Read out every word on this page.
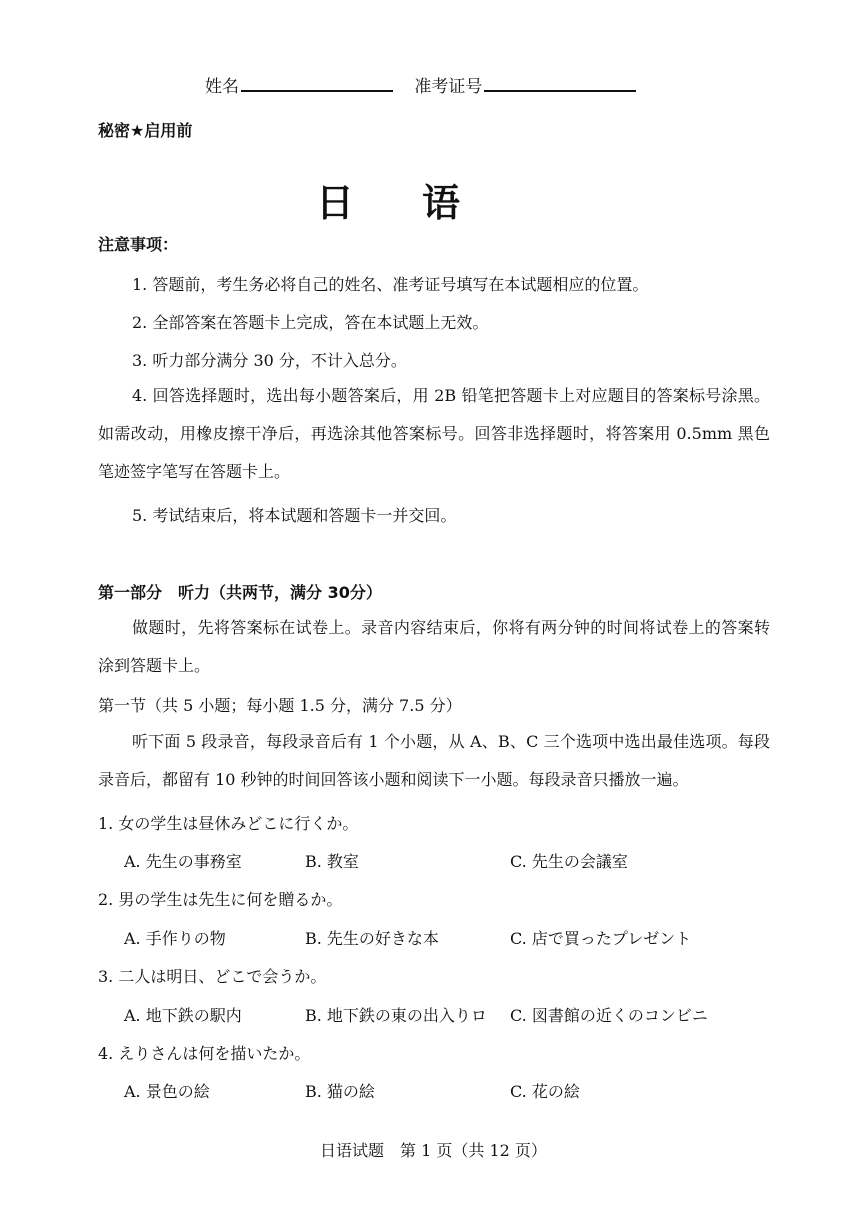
姓名	准考证号
秘密★启用前
日语
注意事项：
1. 答题前，考生务必将自己的姓名、准考证号填写在本试题相应的位置。
2. 全部答案在答题卡上完成，答在本试题上无效。
3. 听力部分满分 30 分，不计入总分。
4. 回答选择题时，选出每小题答案后，用 2B 铅笔把答题卡上对应题目的答案标号涂黑。如需改动，用橡皮擦干净后，再选涂其他答案标号。回答非选择题时，将答案用 0.5mm 黑色笔迹签字笔写在答题卡上。
5. 考试结束后，将本试题和答题卡一并交回。
第一部分　听力（共两节，满分 30分）
做题时，先将答案标在试卷上。录音内容结束后，你将有两分钟的时间将试卷上的答案转涂到答题卡上。
第一节（共 5 小题；每小题 1.5 分，满分 7.5 分）
听下面 5 段录音，每段录音后有 1 个小题，从 A、B、C 三个选项中选出最佳选项。每段录音后，都留有 10 秒钟的时间回答该小题和阅读下一小题。每段录音只播放一遍。
1. 女の学生は昼休みどこに行くか。
A. 先生の事務室	B. 教室	C. 先生の会議室
2. 男の学生は先生に何を贈るか。
A. 手作りの物	B. 先生の好きな本	C. 店で買ったプレゼント
3. 二人は明日、どこで会うか。
A. 地下鉄の駅内	B. 地下鉄の東の出入りロ C. 図書館の近くのコンビニ
4. えりさんは何を描いたか。
A. 景色の絵	B. 猫の絵	C. 花の絵
日语试题　第 1 页（共 12 页）
